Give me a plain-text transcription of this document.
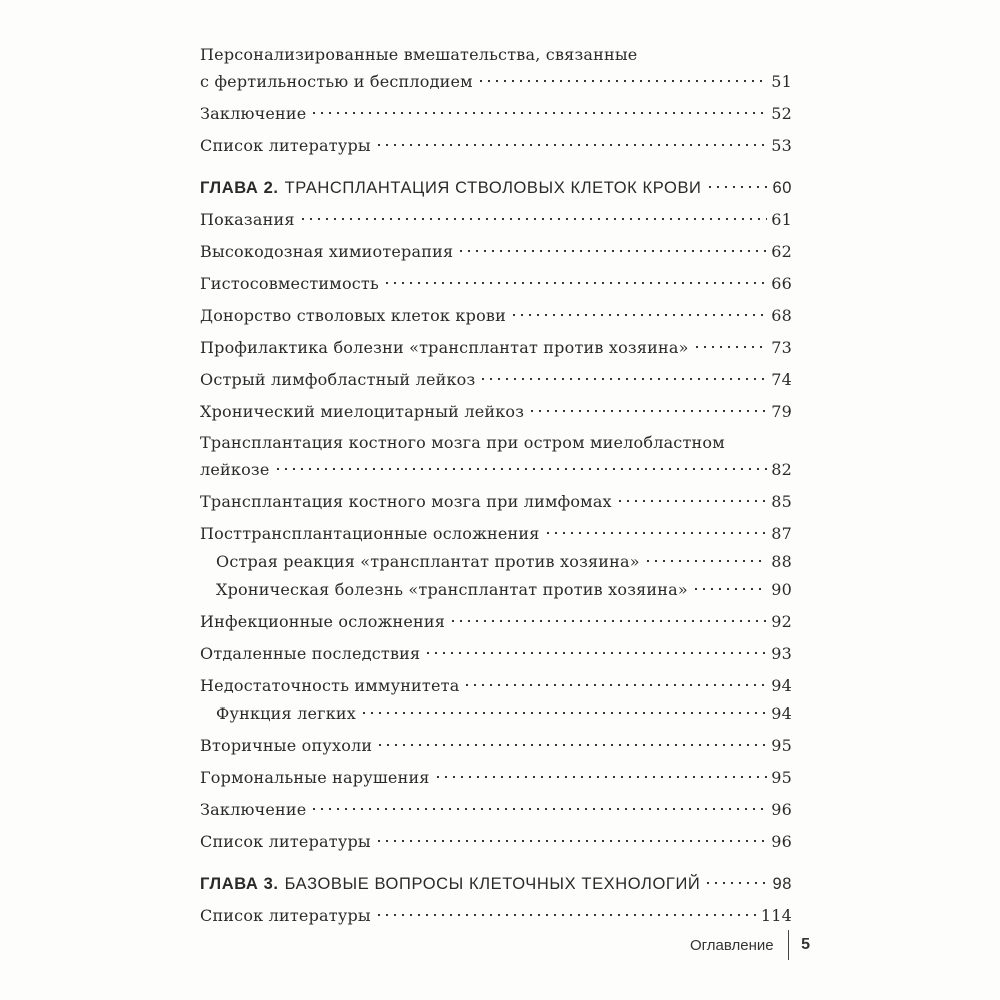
Персонализированные вмешательства, связанные
с фертильностью и бесплодием	51
Заключение	52
Список литературы	53
ГЛАВА 2. ТРАНСПЛАНТАЦИЯ СТВОЛОВЫХ КЛЕТОК КРОВИ	60
Показания	61
Высокодозная химиотерапия	62
Гистосовместимость	66
Донорство стволовых клеток крови	68
Профилактика болезни «трансплантат против хозяина»	73
Острый лимфобластный лейкоз	74
Хронический миелоцитарный лейкоз	79
Трансплантация костного мозга при остром миелобластном
лейкозе	82
Трансплантация костного мозга при лимфомах	85
Посттрансплантационные осложнения	87
Острая реакция «трансплантат против хозяина»	88
Хроническая болезнь «трансплантат против хозяина»	90
Инфекционные осложнения	92
Отдаленные последствия	93
Недостаточность иммунитета	94
Функция легких	94
Вторичные опухоли	95
Гормональные нарушения	95
Заключение	96
Список литературы	96
ГЛАВА 3. БАЗОВЫЕ ВОПРОСЫ КЛЕТОЧНЫХ ТЕХНОЛОГИЙ	98
Список литературы	114
Оглавление 5
